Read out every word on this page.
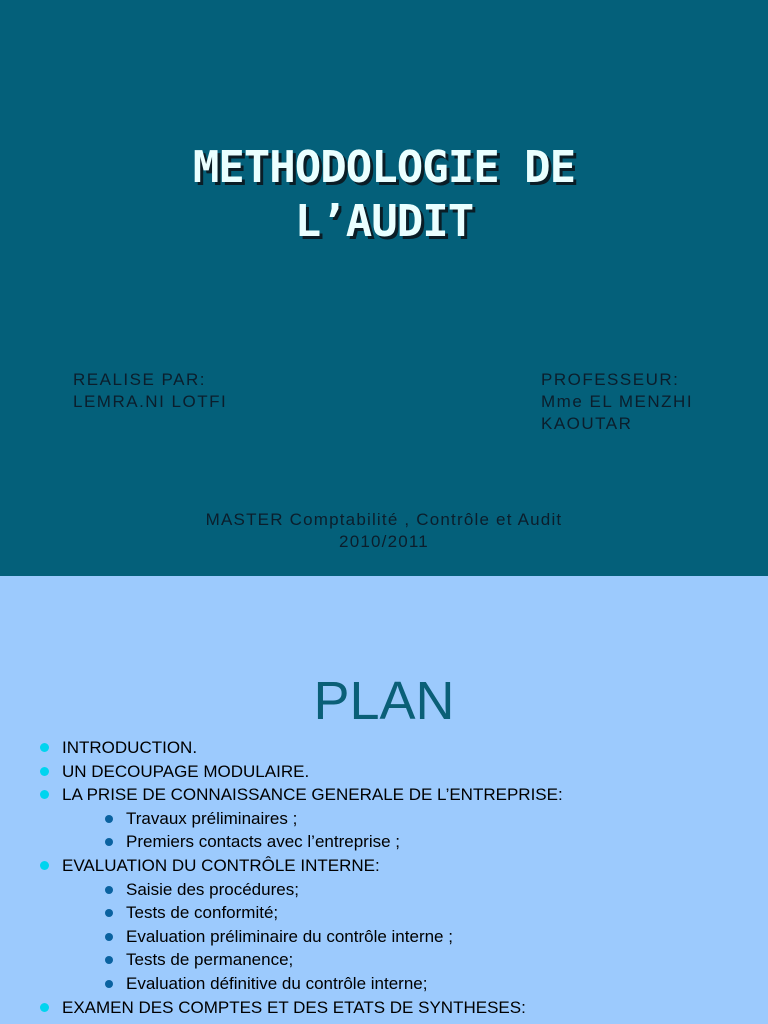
METHODOLOGIE DE
L’AUDIT
REALISE PAR:
LEMRA.NI LOTFI
PROFESSEUR:
Mme EL MENZHI
KAOUTAR
MASTER Comptabilité , Contrôle et Audit
2010/2011
PLAN
INTRODUCTION.
UN DECOUPAGE MODULAIRE.
LA PRISE DE CONNAISSANCE GENERALE DE L’ENTREPRISE:
Travaux préliminaires ;
Premiers contacts avec l’entreprise ;
EVALUATION DU CONTRÔLE INTERNE:
Saisie des procédures;
Tests de conformité;
Evaluation préliminaire du contrôle interne ;
Tests de permanence;
Evaluation définitive du contrôle interne;
EXAMEN DES COMPTES ET DES ETATS DE SYNTHESES:
